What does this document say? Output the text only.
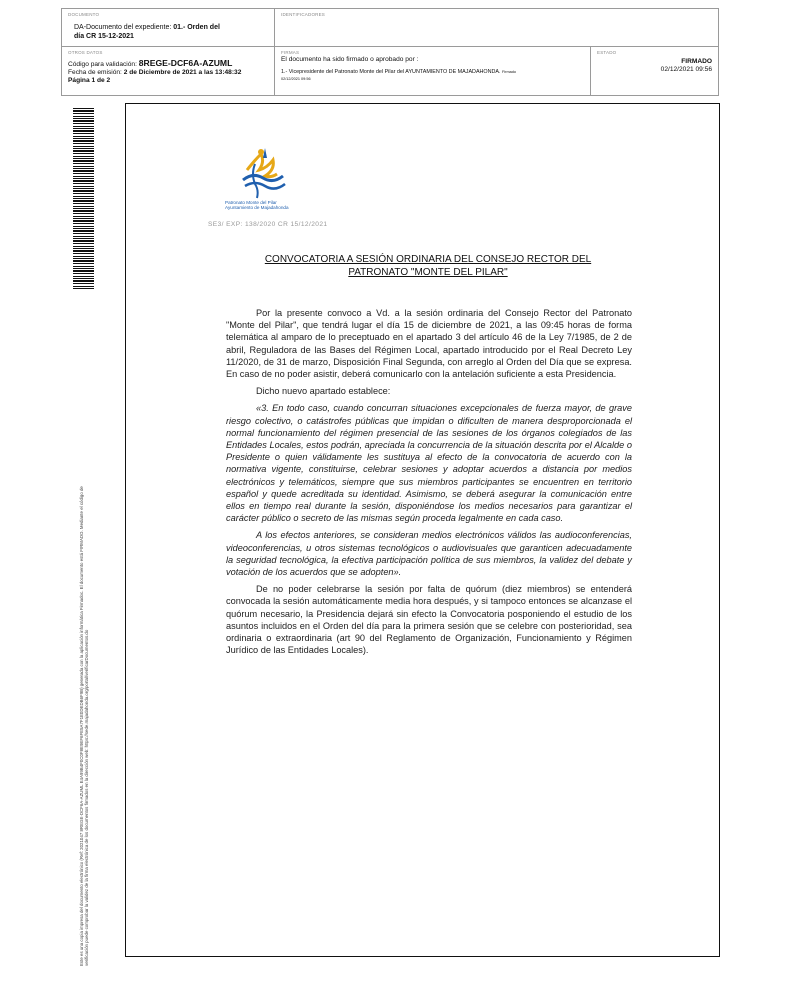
DOCUMENTO
DA-Documento del expediente: 01.- Orden del
día CR 15-12-2021
IDENTIFICADORES
OTROS DATOS
Código para validación: 8REGE-DCF6A-AZUML
Fecha de emisión: 2 de Diciembre de 2021 a las 13:48:32
Página 1 de 2
FIRMAS
El documento ha sido firmado o aprobado por :
1.- Vicepresidente del Patronato Monte del Pilar del AYUNTAMIENTO DE MAJADAHONDA. Firmado
02/12/2021 09:56
ESTADO
FIRMADO
02/12/2021 09:56
Este es una copia impresa del documento electrónico (Ref: 2021047 8REGE-DCF6A-AZUML E4A99B4F0C0F8E9EF6FE5A7F1E0DEDB6F9B) generada con la aplicación informática Firmadoc. El documento está FIRMADO. Mediante el código de verificación puede comprobar la validez de la firma electrónica de los documentos firmados en la dirección web: https://sede.majadahonda.org/portal/verificarDocumentos.do
Patronato Monte del Pilar
Ayuntamiento de Majadahonda
SE3/ EXP: 138/2020 CR 15/12/2021
CONVOCATORIA A SESIÓN ORDINARIA DEL CONSEJO RECTOR DEL
PATRONATO "MONTE DEL PILAR"

Por la presente convoco a Vd. a la sesión ordinaria del Consejo Rector del Patronato "Monte del Pilar", que tendrá lugar el día 15 de diciembre de 2021, a las 09:45 horas de forma telemática al amparo de lo preceptuado en el apartado 3 del artículo 46 de la Ley 7/1985, de 2 de abril, Reguladora de las Bases del Régimen Local, apartado introducido por el Real Decreto Ley 11/2020, de 31 de marzo, Disposición Final Segunda, con arreglo al Orden del Día que se expresa. En caso de no poder asistir, deberá comunicarlo con la antelación suficiente a esta Presidencia.

Dicho nuevo apartado establece:

«3. En todo caso, cuando concurran situaciones excepcionales de fuerza mayor, de grave riesgo colectivo, o catástrofes públicas que impidan o dificulten de manera desproporcionada el normal funcionamiento del régimen presencial de las sesiones de los órganos colegiados de las Entidades Locales, estos podrán, apreciada la concurrencia de la situación descrita por el Alcalde o Presidente o quien válidamente les sustituya al efecto de la convocatoria de acuerdo con la normativa vigente, constituirse, celebrar sesiones y adoptar acuerdos a distancia por medios electrónicos y telemáticos, siempre que sus miembros participantes se encuentren en territorio español y quede acreditada su identidad. Asimismo, se deberá asegurar la comunicación entre ellos en tiempo real durante la sesión, disponiéndose los medios necesarios para garantizar el carácter público o secreto de las mismas según proceda legalmente en cada caso.

A los efectos anteriores, se consideran medios electrónicos válidos las audioconferencias, videoconferencias, u otros sistemas tecnológicos o audiovisuales que garanticen adecuadamente la seguridad tecnológica, la efectiva participación política de sus miembros, la validez del debate y votación de los acuerdos que se adopten».

De no poder celebrarse la sesión por falta de quórum (diez miembros) se entenderá convocada la sesión automáticamente media hora después, y si tampoco entonces se alcanzase el quórum necesario, la Presidencia dejará sin efecto la Convocatoria posponiendo el estudio de los asuntos incluidos en el Orden del día para la primera sesión que se celebre con posterioridad, sea ordinaria o extraordinaria (art 90 del Reglamento de Organización, Funcionamiento y Régimen Jurídico de las Entidades Locales).
